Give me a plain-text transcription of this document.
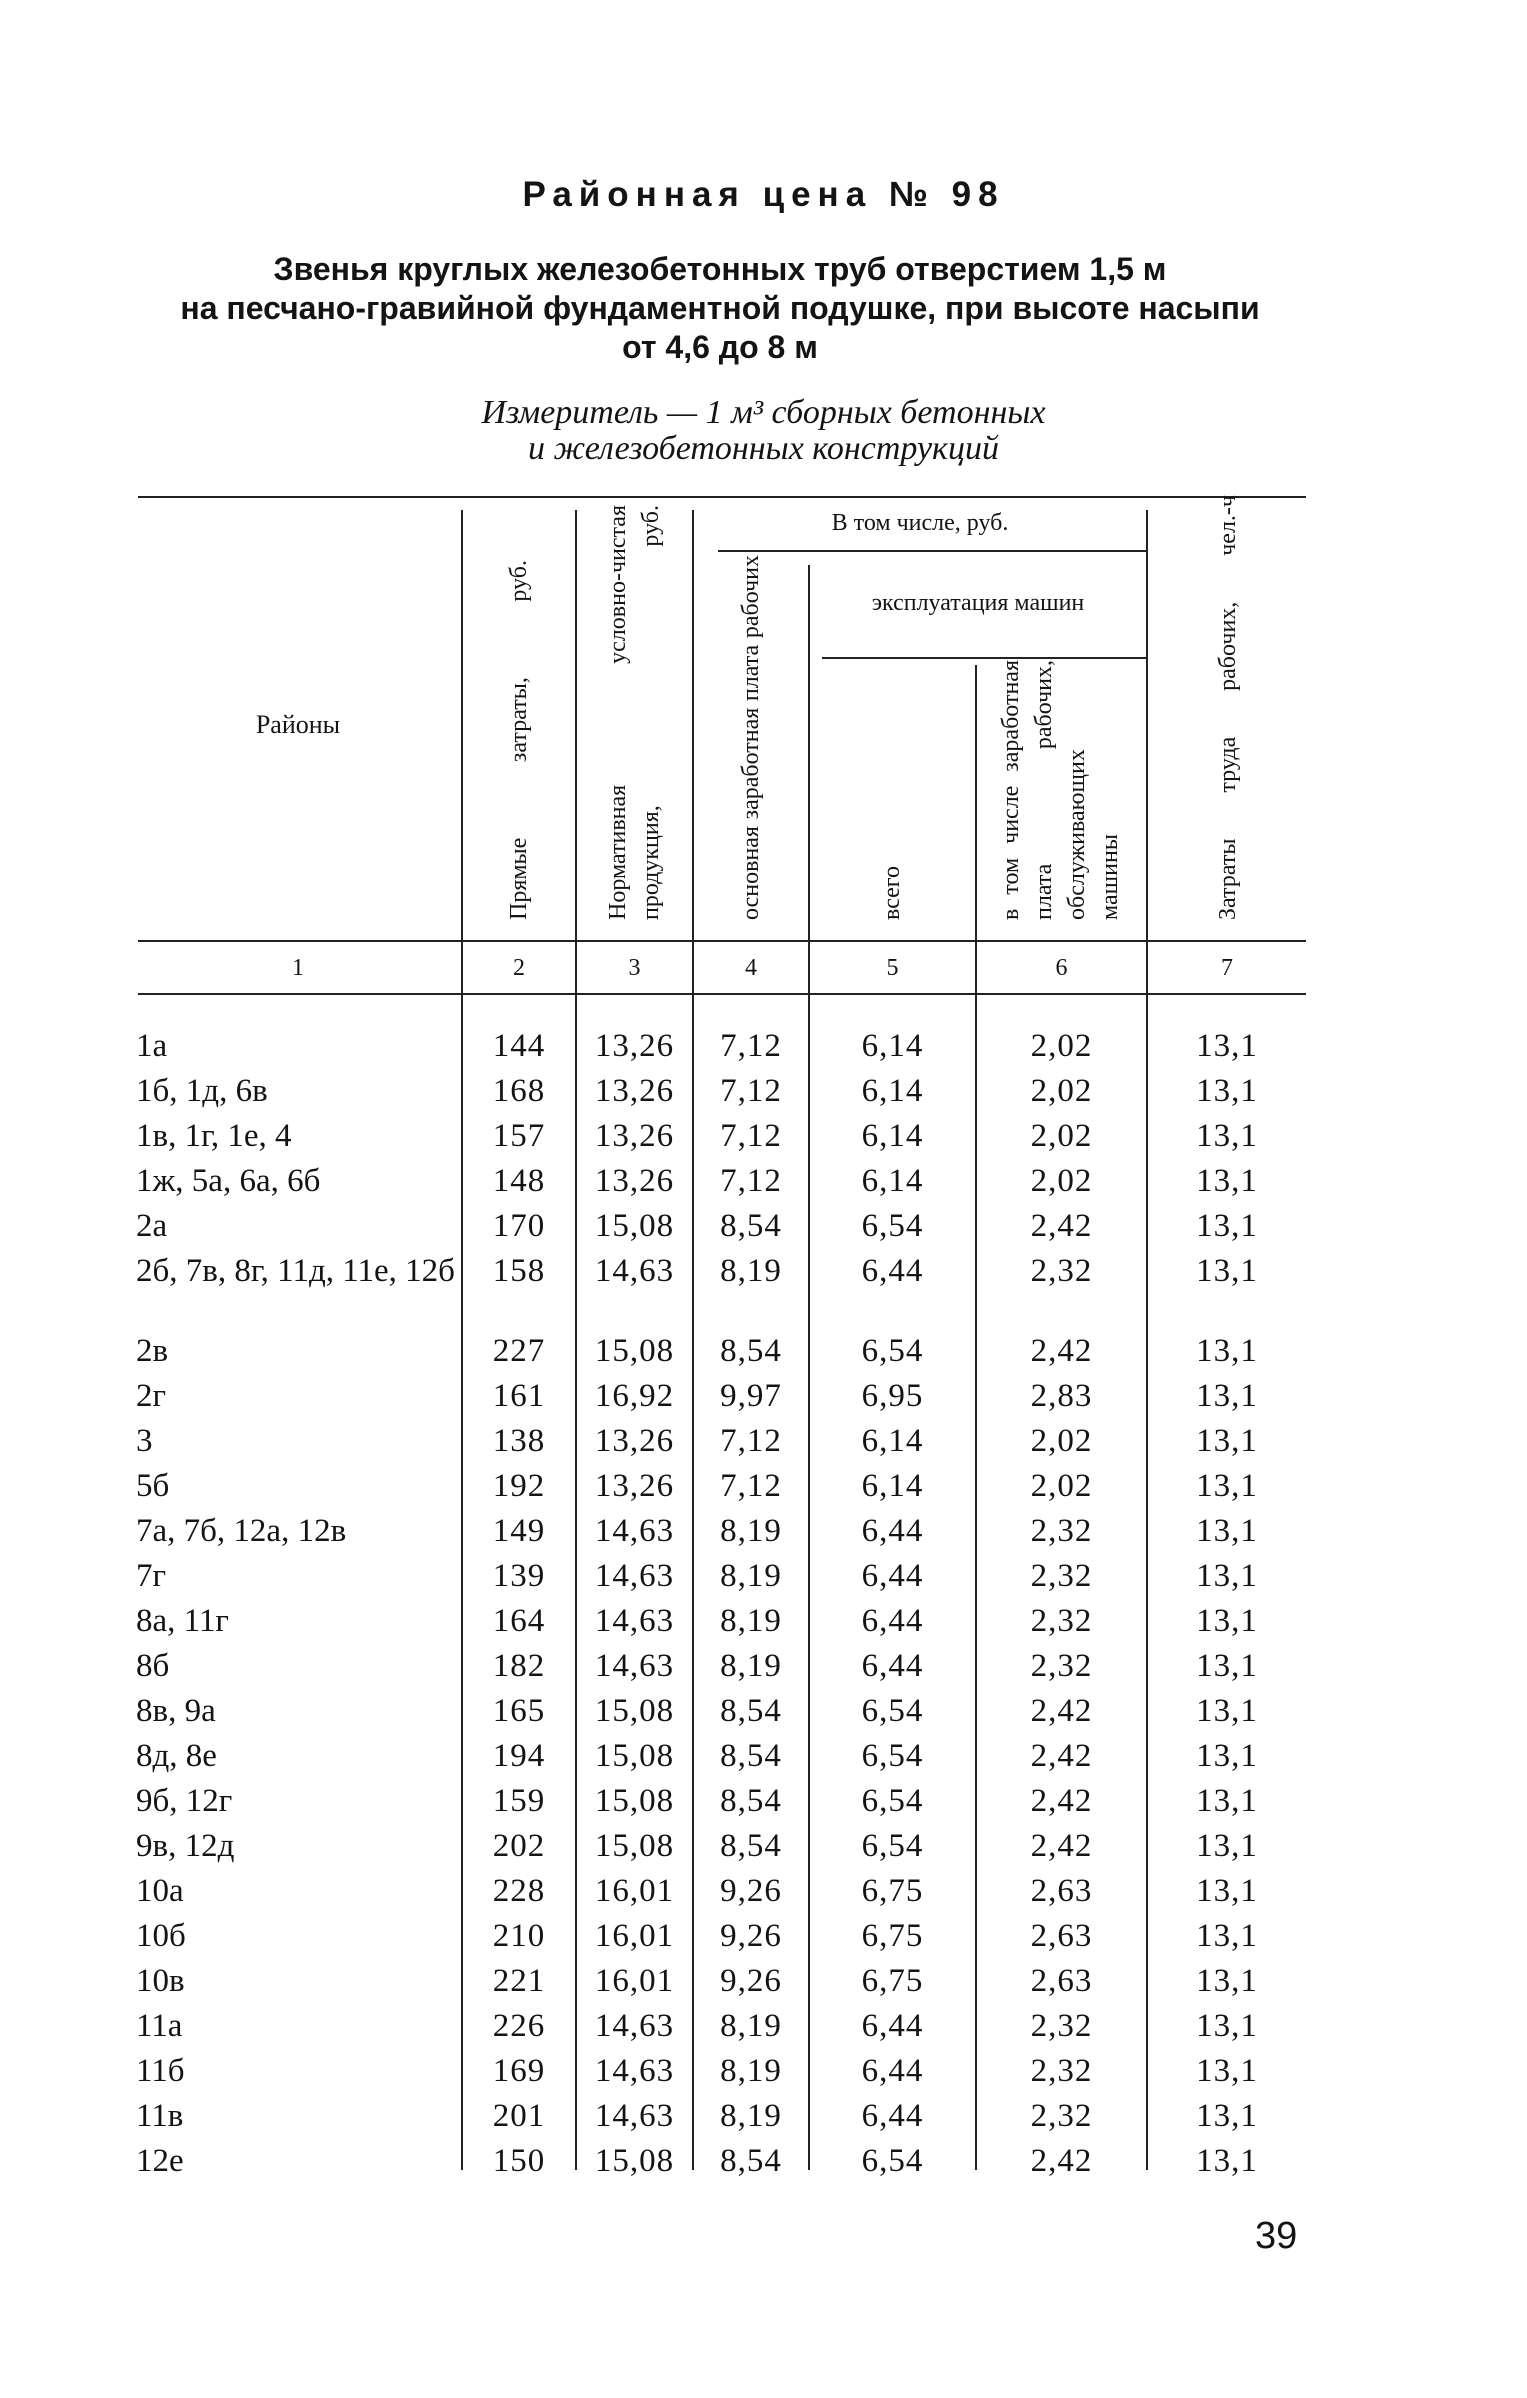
Районная цена № 98
Звенья круглых железобетонных труб отверстием 1,5 м
на песчано-гравийной фундаментной подушке, при высоте насыпи
от 4,6 до 8 м
Измеритель — 1 м³ сборных бетонных
и железобетонных конструкций
Районы	Прямые затраты, руб.	Нормативная условно-чистая продукция, руб.	В том числе, руб.
основная заработная плата рабочих	эксплуатация машин
всего	в том числе заработная плата рабочих, обслуживающих машины	Затраты труда рабочих, чел.-ч
1	2	3	4	5	6	7
1а	144	13,26	7,12	6,14	2,02	13,1
1б, 1д, 6в	168	13,26	7,12	6,14	2,02	13,1
1в, 1г, 1е, 4	157	13,26	7,12	6,14	2,02	13,1
1ж, 5а, 6а, 6б	148	13,26	7,12	6,14	2,02	13,1
2а	170	15,08	8,54	6,54	2,42	13,1
2б, 7в, 8г, 11д, 11е, 12б	158	14,63	8,19	6,44	2,32	13,1
2в	227	15,08	8,54	6,54	2,42	13,1
2г	161	16,92	9,97	6,95	2,83	13,1
3	138	13,26	7,12	6,14	2,02	13,1
5б	192	13,26	7,12	6,14	2,02	13,1
7а, 7б, 12а, 12в	149	14,63	8,19	6,44	2,32	13,1
7г	139	14,63	8,19	6,44	2,32	13,1
8а, 11г	164	14,63	8,19	6,44	2,32	13,1
8б	182	14,63	8,19	6,44	2,32	13,1
8в, 9а	165	15,08	8,54	6,54	2,42	13,1
8д, 8е	194	15,08	8,54	6,54	2,42	13,1
9б, 12г	159	15,08	8,54	6,54	2,42	13,1
9в, 12д	202	15,08	8,54	6,54	2,42	13,1
10а	228	16,01	9,26	6,75	2,63	13,1
10б	210	16,01	9,26	6,75	2,63	13,1
10в	221	16,01	9,26	6,75	2,63	13,1
11а	226	14,63	8,19	6,44	2,32	13,1
11б	169	14,63	8,19	6,44	2,32	13,1
11в	201	14,63	8,19	6,44	2,32	13,1
12е	150	15,08	8,54	6,54	2,42	13,1
39
